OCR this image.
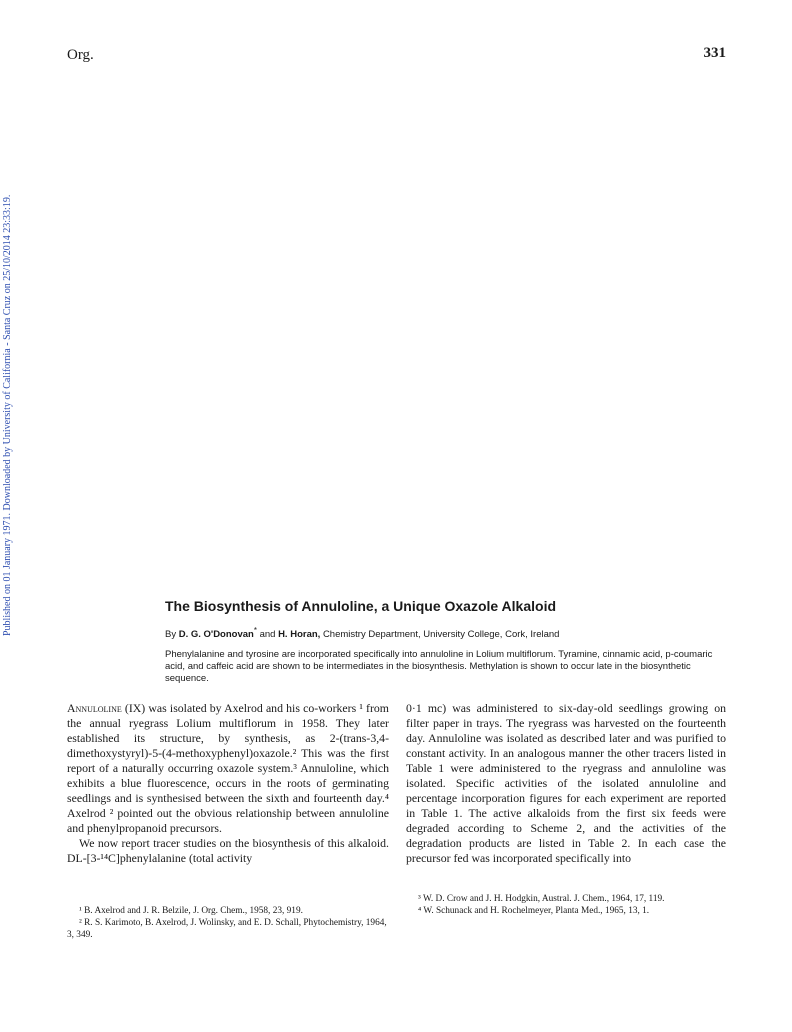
Org.	331
Published on 01 January 1971. Downloaded by University of California - Santa Cruz on 25/10/2014 23:33:19.	The Biosynthesis of Annuloline, a Unique Oxazole Alkaloid
By D. G. O'Donovan* and H. Horan, Chemistry Department, University College, Cork, Ireland
Phenylalanine and tyrosine are incorporated specifically into annuloline in Lolium multiflorum. Tyramine, cinnamic acid, p-coumaric acid, and caffeic acid are shown to be intermediates in the biosynthesis. Methylation is shown to occur late in the biosynthetic sequence.

Annuloline (IX) was isolated by Axelrod and his co-workers ¹ from the annual ryegrass Lolium multiflorum in 1958. They later established its structure, by synthesis, as 2-(trans-3,4-dimethoxystyryl)-5-(4-methoxyphenyl)oxazole.² This was the first report of a naturally occurring oxazole system.³ Annuloline, which exhibits a blue fluorescence, occurs in the roots of germinating seedlings and is synthesised between the sixth and fourteenth day.⁴ Axelrod ² pointed out the obvious relationship between annuloline and phenylpropanoid precursors.

We now report tracer studies on the biosynthesis of this alkaloid. DL-[3-¹⁴C]phenylalanine (total activity

0·1 mc) was administered to six-day-old seedlings growing on filter paper in trays. The ryegrass was harvested on the fourteenth day. Annuloline was isolated as described later and was purified to constant activity. In an analogous manner the other tracers listed in Table 1 were administered to the ryegrass and annuloline was isolated. Specific activities of the isolated annuloline and percentage incorporation figures for each experiment are reported in Table 1. The active alkaloids from the first six feeds were degraded according to Scheme 2, and the activities of the degradation products are listed in Table 2. In each case the precursor fed was incorporated specifically into

¹ B. Axelrod and J. R. Belzile, J. Org. Chem., 1958, 23, 919.
² R. S. Karimoto, B. Axelrod, J. Wolinsky, and E. D. Schall, Phytochemistry, 1964, 3, 349.
³ W. D. Crow and J. H. Hodgkin, Austral. J. Chem., 1964, 17, 119.
⁴ W. Schunack and H. Rochelmeyer, Planta Med., 1965, 13, 1.
